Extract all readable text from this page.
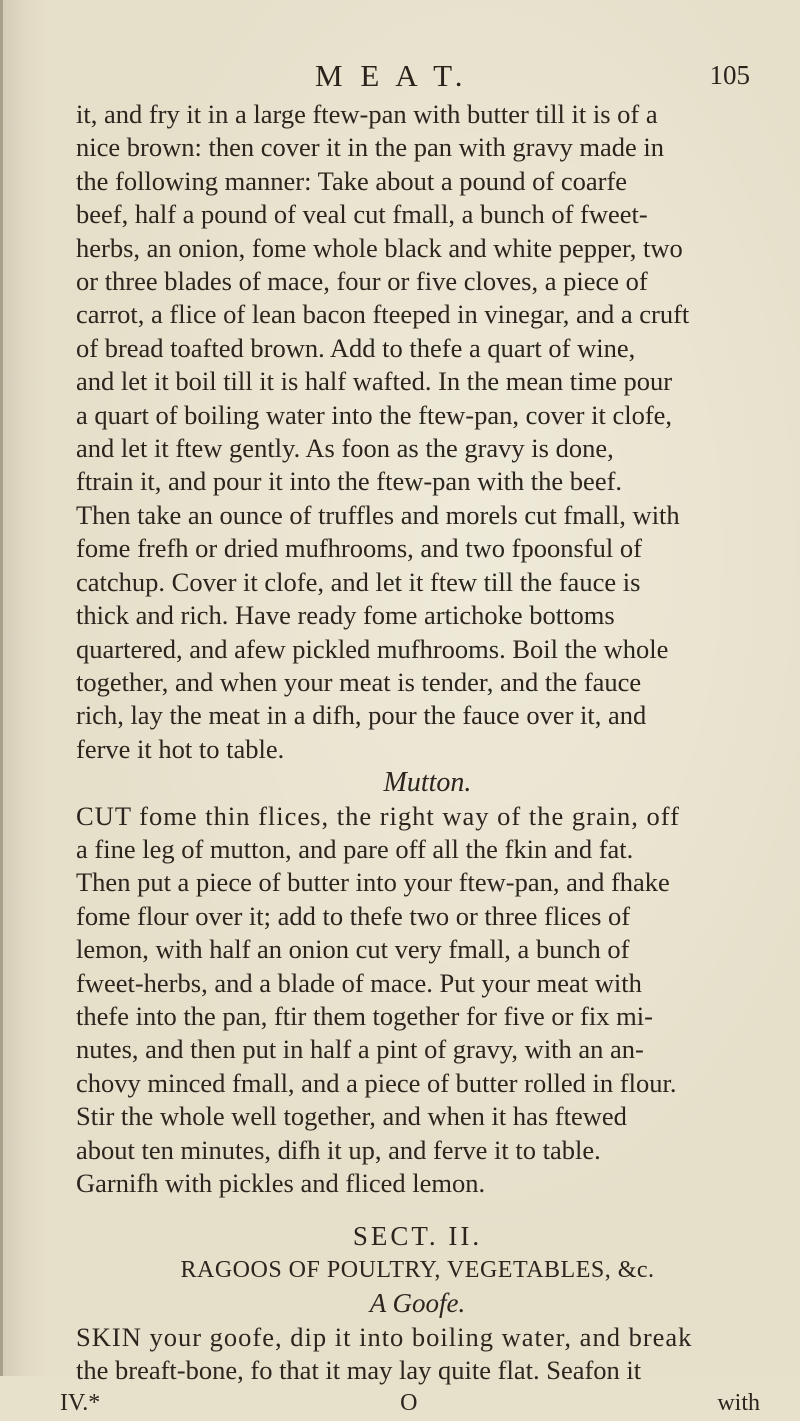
M E A T.	105
it, and fry it in a large ftew-pan with butter till it is of a
nice brown: then cover it in the pan with gravy made in
the following manner: Take about a pound of coarfe
beef, half a pound of veal cut fmall, a bunch of fweet-
herbs, an onion, fome whole black and white pepper, two
or three blades of mace, four or five cloves, a piece of
carrot, a flice of lean bacon fteeped in vinegar, and a cruft
of bread toafted brown. Add to thefe a quart of wine,
and let it boil till it is half wafted. In the mean time pour
a quart of boiling water into the ftew-pan, cover it clofe,
and let it ftew gently. As foon as the gravy is done,
ftrain it, and pour it into the ftew-pan with the beef.
Then take an ounce of truffles and morels cut fmall, with
fome frefh or dried mufhrooms, and two fpoonsful of
catchup. Cover it clofe, and let it ftew till the fauce is
thick and rich. Have ready fome artichoke bottoms
quartered, and afew pickled mufhrooms. Boil the whole
together, and when your meat is tender, and the fauce
rich, lay the meat in a difh, pour the fauce over it, and
ferve it hot to table.
Mutton.
CUT fome thin flices, the right way of the grain, off
a fine leg of mutton, and pare off all the fkin and fat.
Then put a piece of butter into your ftew-pan, and fhake
fome flour over it; add to thefe two or three flices of
lemon, with half an onion cut very fmall, a bunch of
fweet-herbs, and a blade of mace. Put your meat with
thefe into the pan, ftir them together for five or fix mi-
nutes, and then put in half a pint of gravy, with an an-
chovy minced fmall, and a piece of butter rolled in flour.
Stir the whole well together, and when it has ftewed
about ten minutes, difh it up, and ferve it to table.
Garnifh with pickles and fliced lemon.
SECT. II.
RAGOOS OF POULTRY, VEGETABLES, &c.
A Goofe.
SKIN your goofe, dip it into boiling water, and break
the breaft-bone, fo that it may lay quite flat. Seafon it
IV.*	O	with
